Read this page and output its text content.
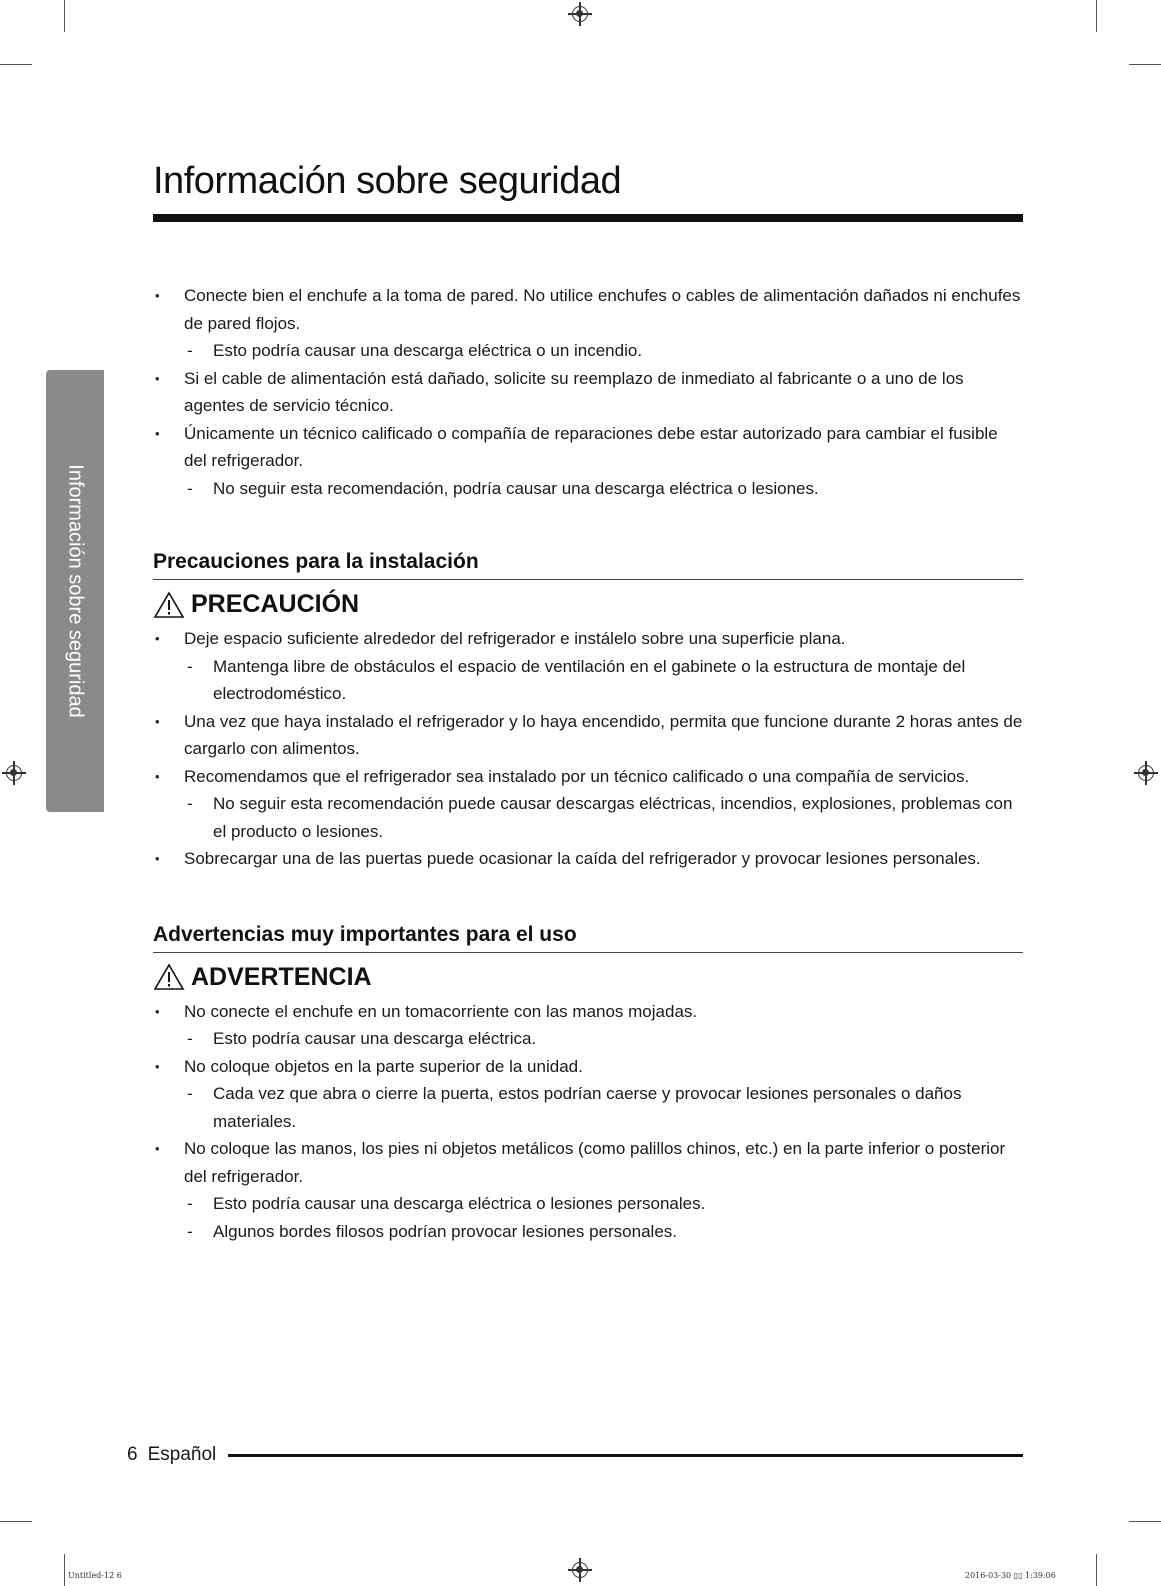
Información sobre seguridad
Información sobre seguridad
• Conecte bien el enchufe a la toma de pared. No utilice enchufes o cables de alimentación dañados ni enchufes de pared flojos.
- Esto podría causar una descarga eléctrica o un incendio.
• Si el cable de alimentación está dañado, solicite su reemplazo de inmediato al fabricante o a uno de los agentes de servicio técnico.
• Únicamente un técnico calificado o compañía de reparaciones debe estar autorizado para cambiar el fusible del refrigerador.
- No seguir esta recomendación, podría causar una descarga eléctrica o lesiones.
Precauciones para la instalación
PRECAUCIÓN
• Deje espacio suficiente alrededor del refrigerador e instálelo sobre una superficie plana.
- Mantenga libre de obstáculos el espacio de ventilación en el gabinete o la estructura de montaje del electrodoméstico.
• Una vez que haya instalado el refrigerador y lo haya encendido, permita que funcione durante 2 horas antes de cargarlo con alimentos.
• Recomendamos que el refrigerador sea instalado por un técnico calificado o una compañía de servicios.
- No seguir esta recomendación puede causar descargas eléctricas, incendios, explosiones, problemas con el producto o lesiones.
• Sobrecargar una de las puertas puede ocasionar la caída del refrigerador y provocar lesiones personales.
Advertencias muy importantes para el uso
ADVERTENCIA
• No conecte el enchufe en un tomacorriente con las manos mojadas.
- Esto podría causar una descarga eléctrica.
• No coloque objetos en la parte superior de la unidad.
- Cada vez que abra o cierre la puerta, estos podrían caerse y provocar lesiones personales o daños materiales.
• No coloque las manos, los pies ni objetos metálicos (como palillos chinos, etc.) en la parte inferior o posterior del refrigerador.
- Esto podría causar una descarga eléctrica o lesiones personales.
- Algunos bordes filosos podrían provocar lesiones personales.
6 Español
Untitled-12 6	2016-03-30 ▯▯ 1:39:06
